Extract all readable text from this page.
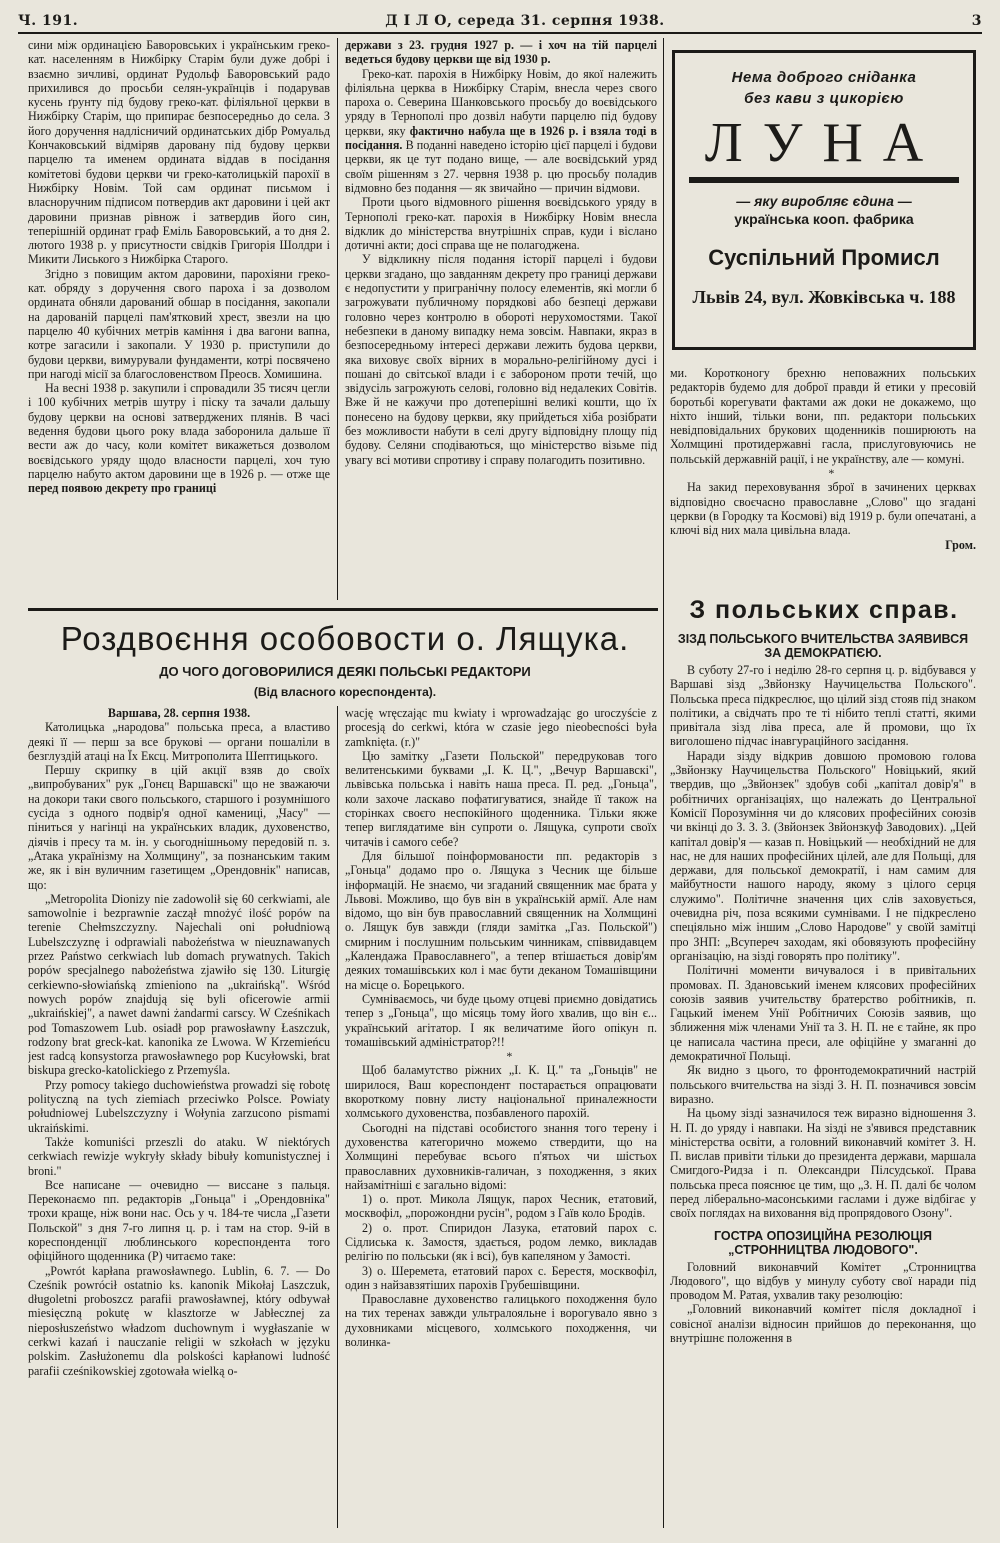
Ч. 191.	Д І Л О, середа 31. серпня 1938.	3

сини між ординацією Баворовських і українським греко-кат. населенням в Нижбірку Старім були дуже добрі і взаємно зичливі, ординат Рудольф Баворовський радо прихилився до просьби селян-українців і подарував кусень ґрунту під будову греко-кат. філіяльної церкви в Нижбірку Старім, що припирає безпосередньо до села. З його доручення надлісничий ординатських дібр Ромуальд Кончаковський відміряв даровану під будову церкви парцелю та именем ордината віддав в посідання комітетові будови церкви чи греко-католицькій парохії в Нижбірку Новім. Той сам ординат письмом і власноручним підписом потвердив акт даровини і цей акт даровини признав рівнож і затвердив його син, теперішній ординат граф Еміль Баворовський, а то дня 2. лютого 1938 р. у присутности свідків Григорія Шолдри і Микити Лиського з Нижбірка Старого.

Згідно з повищим актом даровини, парохіяни греко-кат. обряду з доручення свого пароха і за дозволом ордината обняли дарований обшар в посідання, закопали на дарованій парцелі пам'ятковий хрест, звезли на цю парцелю 40 кубічних метрів каміння і два вагони вапна, котре загасили і закопали. У 1930 р. приступили до будови церкви, вимурували фундаменти, котрі посвячено при нагоді місії за благословенством Преосв. Хомишина.

На весні 1938 р. закупили і спровадили 35 тисяч цегли і 100 кубічних метрів шутру і піску та зачали дальшу будову церкви на основі затверджених плянів. В часі ведення будови цього року влада заборонила дальше її вести аж до часу, коли комітет викажеться дозволом воєвідського уряду щодо власности парцелі, хоч тую парцелю набуто актом даровини ще в 1926 р. — отже ще перед появою декрету про границі

держави з 23. грудня 1927 р. — і хоч на тій парцелі ведеться будову церкви ще від 1930 р.

Греко-кат. парохія в Нижбірку Новім, до якої належить філіяльна церква в Нижбірку Старім, внесла через свого пароха о. Северина Шанковського просьбу до воєвідського уряду в Тернополі про дозвіл набути парцелю під будову церкви, яку фактично набула ще в 1926 р. і взяла тоді в посідання. В поданні наведено історію цієї парцелі і будови церкви, як це тут подано вище, — але воєвідський уряд своїм рішенням з 27. червня 1938 р. цю просьбу поладив відмовно без подання — як звичайно — причин відмови.

Проти цього відмовного рішення воєвідського уряду в Тернополі греко-кат. парохія в Нижбірку Новім внесла відклик до міністерства внутрішніх справ, куди і віслано дотичні акти; досі справа ще не полагоджена.

У відкликну після подання історії парцелі і будови церкви згадано, що завданням декрету про границі держави є недопустити у пригранічну полосу елементів, які могли б загрожувати публичному порядкові або безпеці держави головно через контролю в обороті нерухомостями. Такої небезпеки в даному випадку нема зовсім. Навпаки, якраз в безпосередньому інтересі держави лежить будова церкви, яка виховує своїх вірних в морально-релігійному дусі і пошані до світської влади і є забороном проти течій, що звідусіль загрожують селові, головно від недалеких Совітів. Вже й не кажучи про дотеперішні великі кошти, що їх понесено на будову церкви, яку прийдеться хіба розібрати без можливости набути в селі другу відповідну площу під будову. Селяни сподіваються, що міністерство візьме під увагу всі мотиви спротиву і справу полагодить позитивно.

Нема доброго сніданка
без кави з цикорією
ЛУНА
— яку виробляє єдина —
українська кооп. фабрика
Суспільний Промисл
Львів 24, вул. Жовківська ч. 188

ми. Коротконогу брехню неповажних польських редакторів будемо для доброї правди й етики у пресовій боротьбі корегувати фактами аж доки не докажемо, що ніхто інший, тільки вони, пп. редактори польських невідповідальних брукових щоденників поширюють на Холмщині протидержавні гасла, прислуговуючись не польській державній рації, і не українству, але — комуні.

*

На закид переховування зброї в зачинених церквах відповідно своєчасно православне „Слово" що згадані церкви (в Городку та Космові) від 1919 р. були опечатані, а ключі від них мала цивільна влада.

Гром.

Роздвоєння особовости о. Лящука.
ДО ЧОГО ДОГОВОРИЛИСЯ ДЕЯКІ ПОЛЬСЬКІ РЕДАКТОРИ
(Від власного кореспондента).

Варшава, 28. серпня 1938.

Католицька „народова" польська преса, а властиво деякі її — перш за все брукові — органи пошаліли в безглуздій атаці на Їх Ексц. Митрополита Шептицького.

Першу скрипку в цій акції взяв до своїх „випробуваних" рук „Гонєц Варшавскі" що не зважаючи на докори таки свого польського, старшого і розумнішого сусіда з одного подвір'я одної камениці, „Часу" — піниться у нагінці на українських владик, духовенство, діячів і пресу та м. ін. у сьогоднішньому передовій п. з. „Атака українізму на Холмщину", за познанським таким же, як і він вуличним газетищем „Орендовнік" написав, що:

„Metropolita Dionizy nie zadowolił się 60 cerkwiami, ale samowolnie i bezprawnie zaczął mnożyć ilość popów na terenie Chełmszczyzny. Najechali oni południową Lubelszczyznę i odprawiali nabożeństwa w nieuznawanych przez Państwo cerkwiach lub domach prywatnych. Takich popów specjalnego nabożeństwa zjawiło się 130. Liturgię cerkiewno-słowiańską zmieniono na „ukraińską". Wśród nowych popów znajdują się byli oficerowie armii „ukraińskiej", a nawet dawni żandarmi carscy. W Cześnikach pod Tomaszowem Lub. osiadł pop prawosławny Łaszczuk, rodzony brat greck-kat. kanonika ze Lwowa. W Krzemieńcu jest radcą konsystorza prawosławnego pop Kucyłowski, brat biskupa grecko-katolickiego z Przemyśla.

Przy pomocy takiego duchowieństwa prowadzi się robotę polityczną na tych ziemiach przeciwko Polsce. Powiaty południowej Lubelszczyzny i Wołynia zarzucono pismami ukraińskimi.

Także komuniści przeszli do ataku. W niektórych cerkwiach rewizje wykryły składy bibuły komunistycznej i broni."

Все написане — очевидно — виссане з пальця. Переконаємо пп. редакторів „Гоньца" і „Орендовніка" трохи краще, ніж вони нас. Ось у ч. 184-те числа „Газети Польской" з дня 7-го липня ц. р. і там на стор. 9-ій в кореспонденції люблинського кореспондента того офіційного щоденника (Р) читаємо таке:

„Powrót kapłana prawosławnego. Lublin, 6. 7. — Do Cześnik powrócił ostatnio ks. kanonik Mikołaj Laszczuk, długoletni proboszcz parafii prawosławnej, który odbywał miesięczną pokutę w klasztorze w Jabłecznej za nieposłuszeństwo władzom duchownym i wygłaszanie w cerkwi kazań i nauczanie religii w szkołach w języku polskim. Zasłużonemu dla polskości kapłanowi ludność parafii cześnikowskiej zgotowała wielką o-

wację wręczając mu kwiaty i wprowadzając go uroczyście z procesją do cerkwi, która w czasie jego nieobecności była zamknięta. (r.)"

Цю замітку „Газети Польской" передруковав того велитенськими буквами „І. К. Ц.", „Вечур Варшавскі", львівська польська і навіть наша преса. П. ред. „Гоньца", коли захоче ласкаво пофатигуватися, знайде її також на сторінках своєго неспокійного щоденника. Тільки якже тепер виглядатиме він супроти о. Лящука, супроти своїх читачів і самого себе?

Для більшої поінформованости пп. редакторів з „Гоньца" додамо про о. Лящука з Чесник ще більше інформацій. Не знаємо, чи згаданий священник має брата у Львові. Можливо, що був він в українській армії. Але нам відомо, що він був православний священник на Холмщині о. Лящук був завжди (гляди замітка „Газ. Польской") смирним і послушним польським чинникам, співвидавцем „Календажа Православнего", а тепер втішається довір'ям деяких томашівських кол і має бути деканом Томашівщини на місце о. Борецького.

Сумніваємось, чи буде цьому отцеві приємно довідатись тепер з „Гоньца", що місяць тому його хвалив, що він є... український агітатор. І як величатиме його опікун п. томашівський адміністратор?!!

*

Щоб баламутство ріжних „І. К. Ц." та „Гоньців" не ширилося, Ваш кореспондент постарається опрацювати вкороткому повну листу національної приналежности холмського духовенства, позбавленого парохій.

Сьогодні на підставі особистого знання того терену і духовенства категорично можемо ствердити, що на Холмщині перебуває всього п'ятьох чи шістьох православних духовників-галичан, з походження, з яких найзамітніші є загально відомі:

1) о. прот. Микола Лящук, парох Чесник, етатовий, москвофіл, „порожондни русін", родом з Гаїв коло Бродів.

2) о. прот. Спиридон Лазука, етатовий парох с. Сідлиська к. Замостя, здається, родом лемко, викладав релігію по польськи (як і всі), був капеляном у Замості.

3) о. Шеремета, етатовий парох с. Берестя, москвофіл, один з найзавзятіших парохів Грубешівщини.

Православне духовенство галицького походження було на тих теренах завжди ультралояльне і ворогувало явно з духовниками місцевого, холмського походження, чи волинка-

З польських справ.
ЗІЗД ПОЛЬСЬКОГО ВЧИТЕЛЬСТВА ЗАЯВИВСЯ ЗА ДЕМОКРАТІЄЮ.

В суботу 27-го і неділю 28-го серпня ц. р. відбувався у Варшаві зізд „Звйонзку Научицельства Польского". Польська преса підкреслює, що цілий зізд стояв під знаком політики, а свідчать про те ті нібито теплі статті, якими привітала зізд ліва преса, але й промови, що їх виголошено підчас інавгураційного засідання.

Наради зізду відкрив довшою промовою голова „Звйонзку Научицельства Польского" Новіцький, який твердив, що „Звйонзек" здобув собі „капітал довір'я" в робітничих організаціях, що належать до Центральної Комісії Порозуміння чи до клясових професійних союзів чи вкінці до З. З. З. (Звйонзек Звйонзкуф Заводових). „Цей капітал довір'я — казав п. Новіцький — необхідний не для нас, не для наших професійних цілей, але для Польщі, для держави, для польської демократії, і нам самим для майбутности нашого народу, якому з цілого серця служимо". Політичне значення цих слів заховується, очевидна річ, поза всякими сумнівами. І не підкреслено спеціяльно між іншим „Слово Народове" у своїй замітці про ЗНП: „Всупереч заходам, які обовязують професійну організацію, на зізді говорять про політику".

Політичні моменти вичувалося і в привітальних промовах. П. Здановський іменем клясових професійних союзів заявив учительству братерство робітників, п. Гацький іменем Унії Робітничих Союзів заявив, що зближення між членами Унії та З. Н. П. не є тайне, як про це написала частина преси, але офіційне у змаганні до демократичної Польщі.

Як видно з цього, то фронтодемократичний настрій польського вчительства на зізді З. Н. П. позначився зовсім виразно.

На цьому зізді зазначилося теж виразно відношення З. Н. П. до уряду і навпаки. На зізді не з'явився представник міністерства освіти, а головний виконавчий комітет З. Н. П. вислав привіти тільки до президента держави, маршала Смигдого-Ридза і п. Олександри Пілсудської. Права польська преса пояснює це тим, що „З. Н. П. далі бє чолом перед ліберально-масонськими гаслами і дуже відбігає у своїх поглядах на виховання від пропрядового Озону".

ГОСТРА ОПОЗИЦІЙНА РЕЗОЛЮЦІЯ „СТРОННИЦТВА ЛЮДОВОГО".

Головний виконавчий Комітет „Стронництва Людового", що відбув у минулу суботу свої наради під проводом М. Ратая, ухвалив таку резолюцію:

„Головний виконавчий комітет після докладної і совісної аналізи відносин прийшов до переконання, що внутрішнє положення в
